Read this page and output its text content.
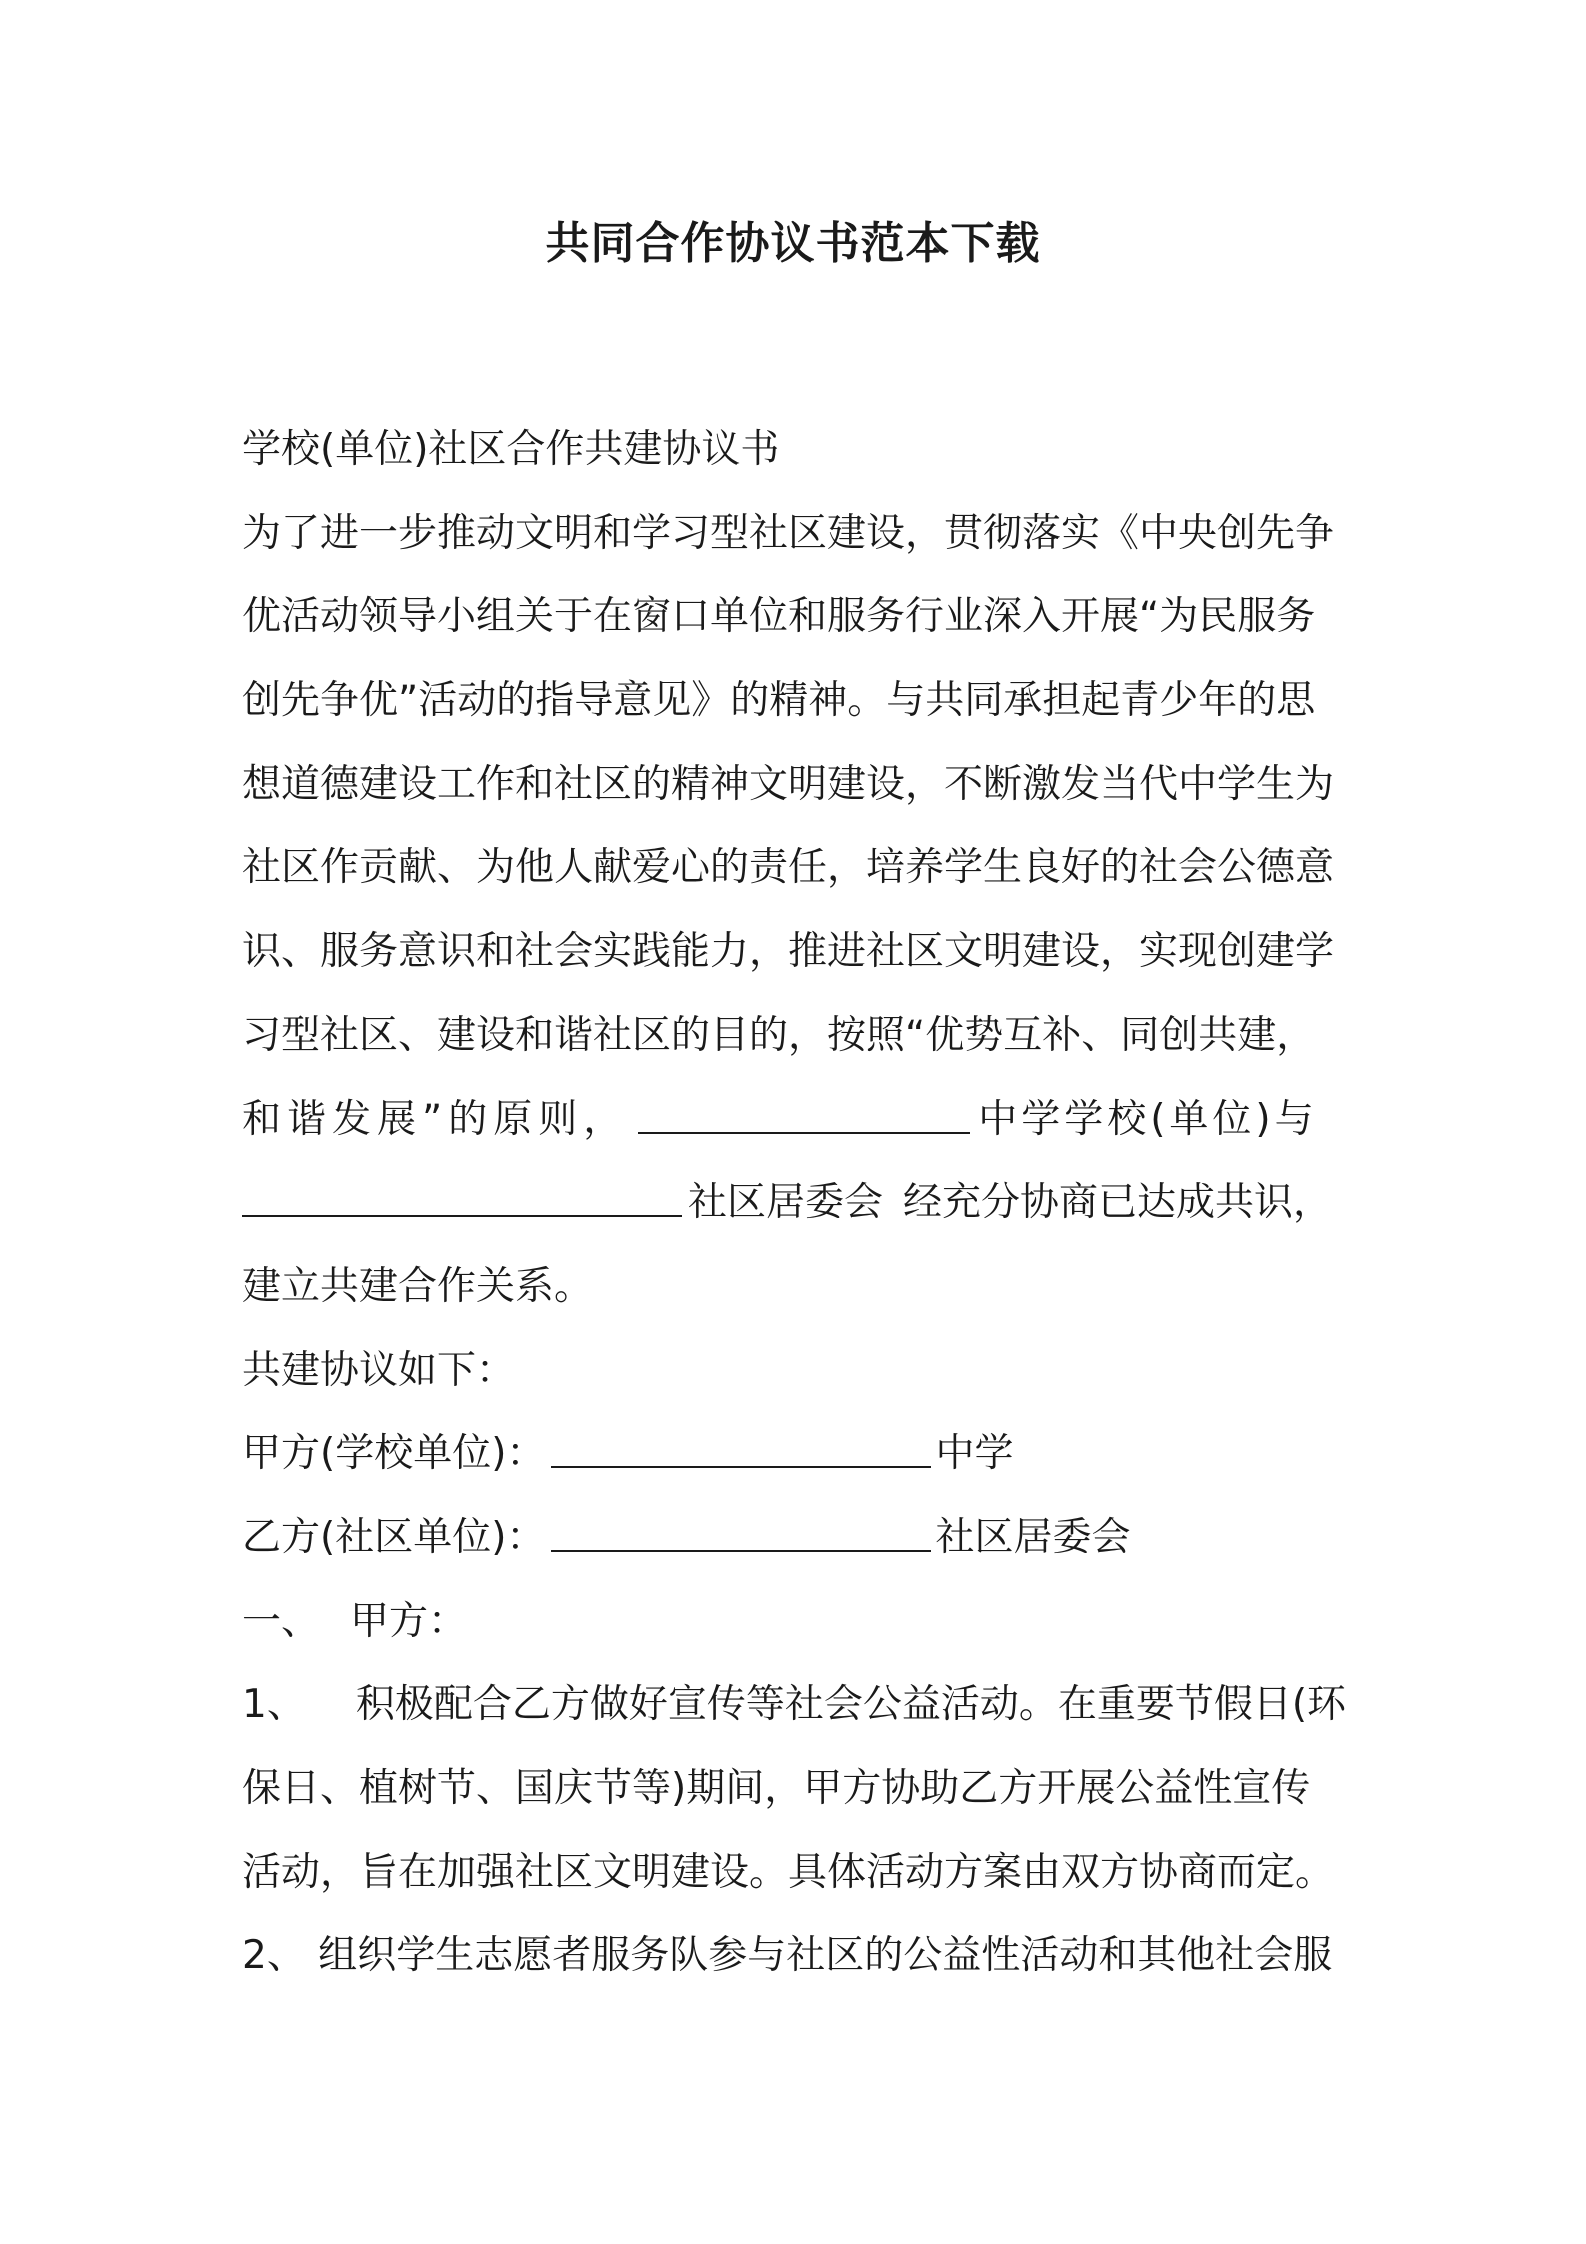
共同合作协议书范本下载
学校(单位)社区合作共建协议书
为了进一步推动文明和学习型社区建设，贯彻落实《中央创先争
优活动领导小组关于在窗口单位和服务行业深入开展“为民服务
创先争优”活动的指导意见》的精神。与共同承担起青少年的思
想道德建设工作和社区的精神文明建设，不断激发当代中学生为
社区作贡献、为他人献爱心的责任，培养学生良好的社会公德意
识、服务意识和社会实践能力，推进社区文明建设，实现创建学
习型社区、建设和谐社区的目的，按照“优势互补、同创共建，
和谐发展”的原则，	中学学校(单位)与
社区居委会 经充分协商已达成共识，
建立共建合作关系。
共建协议如下：
甲方(学校单位)：	中学
乙方(社区单位)：	社区居委会
一、 甲方：
1、 积极配合乙方做好宣传等社会公益活动。在重要节假日(环
保日、植树节、国庆节等)期间，甲方协助乙方开展公益性宣传
活动，旨在加强社区文明建设。具体活动方案由双方协商而定。
2、 组织学生志愿者服务队参与社区的公益性活动和其他社会服
